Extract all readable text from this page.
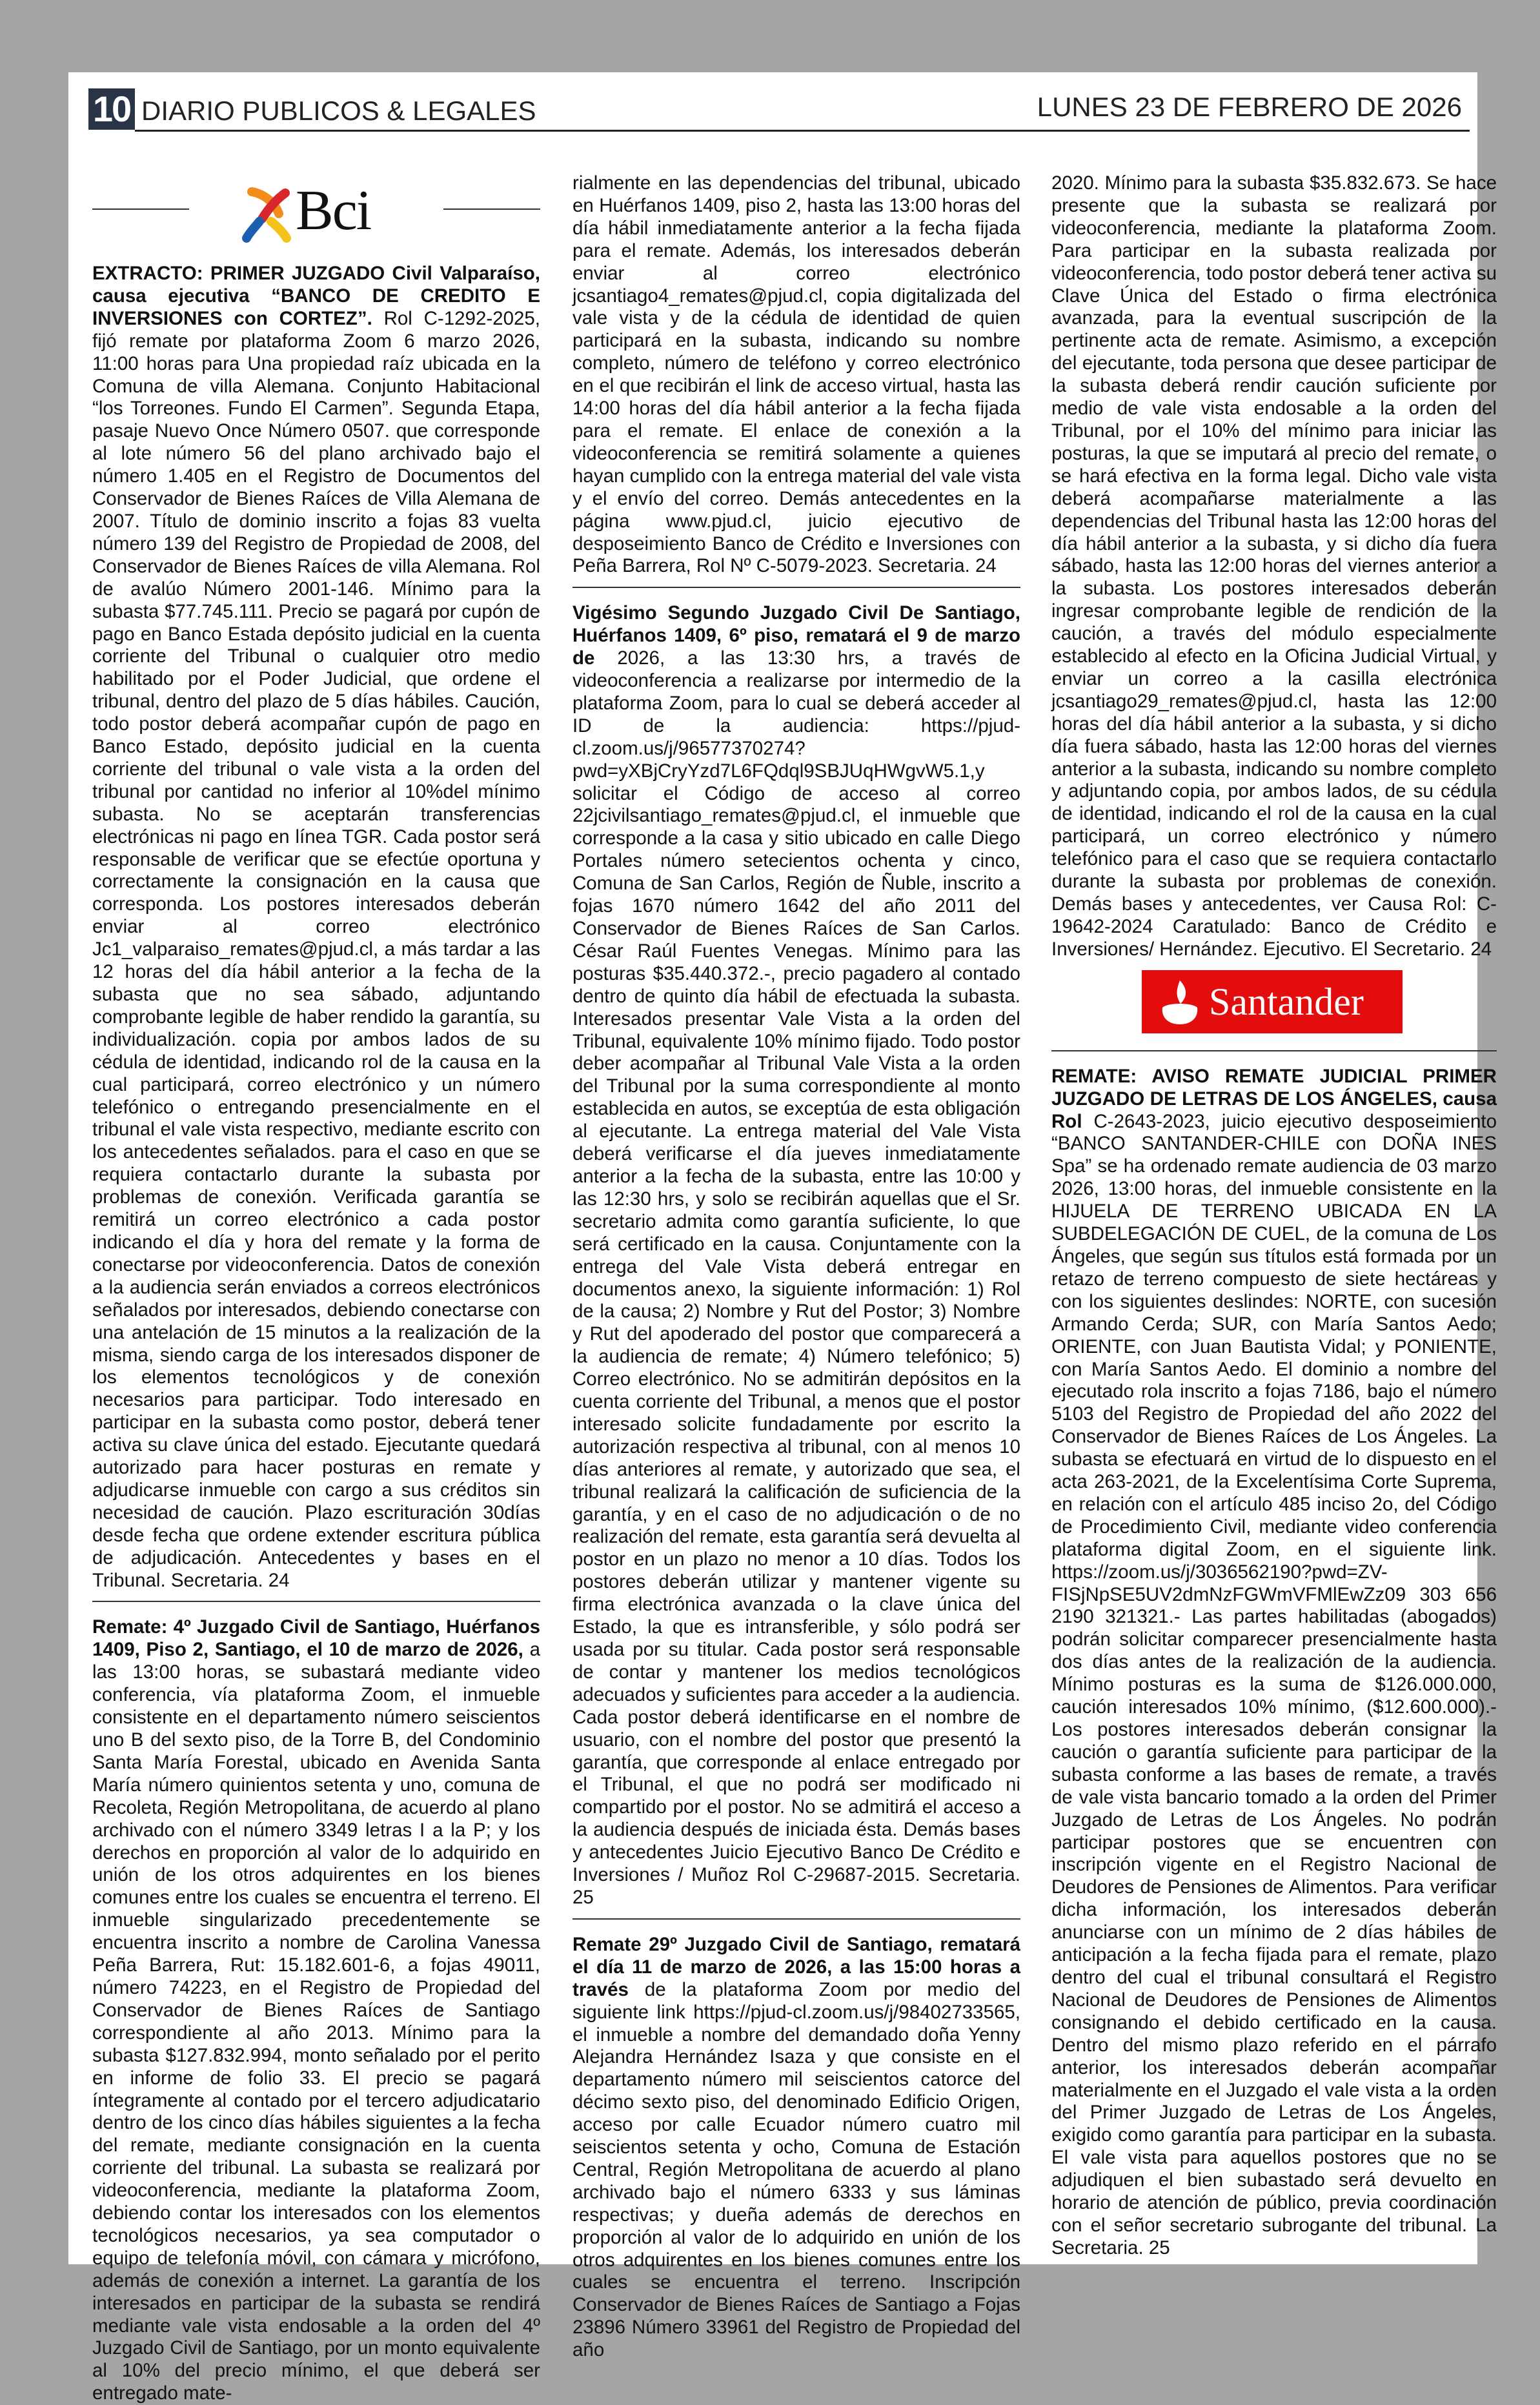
10 DIARIO PUBLICOS & LEGALES	LUNES 23 DE FEBRERO DE 2026
Bci

EXTRACTO: PRIMER JUZGADO Civil Valparaíso, causa ejecutiva “BANCO DE CREDITO E INVERSIONES con CORTEZ”. Rol C-1292-2025, fijó remate por plataforma Zoom 6 marzo 2026, 11:00 horas para Una propiedad raíz ubicada en la Comuna de villa Alemana. Conjunto Habitacional “los Torreones. Fundo El Carmen”. Segunda Etapa, pasaje Nuevo Once Número 0507. que corresponde al lote número 56 del plano archivado bajo el número 1.405 en el Registro de Documentos del Conservador de Bienes Raíces de Villa Alemana de 2007. Título de dominio inscrito a fojas 83 vuelta número 139 del Registro de Propiedad de 2008, del Conservador de Bienes Raíces de villa Alemana. Rol de avalúo Número 2001-146. Mínimo para la subasta $77.745.111. Precio se pagará por cupón de pago en Banco Estada depósito judicial en la cuenta corriente del Tribunal o cualquier otro medio habilitado por el Poder Judicial, que ordene el tribunal, dentro del plazo de 5 días hábiles. Caución, todo postor deberá acompañar cupón de pago en Banco Estado, depósito judicial en la cuenta corriente del tribunal o vale vista a la orden del tribunal por cantidad no inferior al 10%del mínimo subasta. No se aceptarán transferencias electrónicas ni pago en línea TGR. Cada postor será responsable de verificar que se efectúe oportuna y correctamente la consignación en la causa que corresponda. Los postores interesados deberán enviar al correo electrónico Jc1_valparaiso_remates@pjud.cl, a más tardar a las 12 horas del día hábil anterior a la fecha de la subasta que no sea sábado, adjuntando comprobante legible de haber rendido la garantía, su individualización. copia por ambos lados de su cédula de identidad, indicando rol de la causa en la cual participará, correo electrónico y un número telefónico o entregando presencialmente en el tribunal el vale vista respectivo, mediante escrito con los antecedentes señalados. para el caso en que se requiera contactarlo durante la subasta por problemas de conexión. Verificada garantía se remitirá un correo electrónico a cada postor indicando el día y hora del remate y la forma de conectarse por videoconferencia. Datos de conexión a la audiencia serán enviados a correos electrónicos señalados por interesados, debiendo conectarse con una antelación de 15 minutos a la realización de la misma, siendo carga de los interesados disponer de los elementos tecnológicos y de conexión necesarios para participar. Todo interesado en participar en la subasta como postor, deberá tener activa su clave única del estado. Ejecutante quedará autorizado para hacer posturas en remate y adjudicarse inmueble con cargo a sus créditos sin necesidad de caución. Plazo escrituración 30días desde fecha que ordene extender escritura pública de adjudicación. Antecedentes y bases en el Tribunal. Secretaria. 24

Remate: 4º Juzgado Civil de Santiago, Huérfanos 1409, Piso 2, Santiago, el 10 de marzo de 2026, a las 13:00 horas, se subastará mediante video conferencia, vía plataforma Zoom, el inmueble consistente en el departamento número seiscientos uno B del sexto piso, de la Torre B, del Condominio Santa María Forestal, ubicado en Avenida Santa María número quinientos setenta y uno, comuna de Recoleta, Región Metropolitana, de acuerdo al plano archivado con el número 3349 letras I a la P; y los derechos en proporción al valor de lo adquirido en unión de los otros adquirentes en los bienes comunes entre los cuales se encuentra el terreno. El inmueble singularizado precedentemente se encuentra inscrito a nombre de Carolina Vanessa Peña Barrera, Rut: 15.182.601-6, a fojas 49011, número 74223, en el Registro de Propiedad del Conservador de Bienes Raíces de Santiago correspondiente al año 2013. Mínimo para la subasta $127.832.994, monto señalado por el perito en informe de folio 33. El precio se pagará íntegramente al contado por el tercero adjudicatario dentro de los cinco días hábiles siguientes a la fecha del remate, mediante consignación en la cuenta corriente del tribunal. La subasta se realizará por videoconferencia, mediante la plataforma Zoom, debiendo contar los interesados con los elementos tecnológicos necesarios, ya sea computador o equipo de telefonía móvil, con cámara y micrófono, además de conexión a internet. La garantía de los interesados en participar de la subasta se rendirá mediante vale vista endosable a la orden del 4º Juzgado Civil de Santiago, por un monto equivalente al 10% del precio mínimo, el que deberá ser entregado mate-

rialmente en las dependencias del tribunal, ubicado en Huérfanos 1409, piso 2, hasta las 13:00 horas del día hábil inmediatamente anterior a la fecha fijada para el remate. Además, los interesados deberán enviar al correo electrónico jcsantiago4_remates@pjud.cl, copia digitalizada del vale vista y de la cédula de identidad de quien participará en la subasta, indicando su nombre completo, número de teléfono y correo electrónico en el que recibirán el link de acceso virtual, hasta las 14:00 horas del día hábil anterior a la fecha fijada para el remate. El enlace de conexión a la videoconferencia se remitirá solamente a quienes hayan cumplido con la entrega material del vale vista y el envío del correo. Demás antecedentes en la página www.pjud.cl, juicio ejecutivo de desposeimiento Banco de Crédito e Inversiones con Peña Barrera, Rol Nº C-5079-2023. Secretaria. 24

Vigésimo Segundo Juzgado Civil De Santiago, Huérfanos 1409, 6º piso, rematará el 9 de marzo de 2026, a las 13:30 hrs, a través de videoconferencia a realizarse por intermedio de la plataforma Zoom, para lo cual se deberá acceder al ID de la audiencia: https://pjud-cl.zoom.us/j/96577370274?pwd=yXBjCryYzd7L6FQdql9SBJUqHWgvW5.1,y solicitar el Código de acceso al correo 22jcivilsantiago_remates@pjud.cl, el inmueble que corresponde a la casa y sitio ubicado en calle Diego Portales número setecientos ochenta y cinco, Comuna de San Carlos, Región de Ñuble, inscrito a fojas 1670 número 1642 del año 2011 del Conservador de Bienes Raíces de San Carlos. César Raúl Fuentes Venegas. Mínimo para las posturas $35.440.372.-, precio pagadero al contado dentro de quinto día hábil de efectuada la subasta. Interesados presentar Vale Vista a la orden del Tribunal, equivalente 10% mínimo fijado. Todo postor deber acompañar al Tribunal Vale Vista a la orden del Tribunal por la suma correspondiente al monto establecida en autos, se exceptúa de esta obligación al ejecutante. La entrega material del Vale Vista deberá verificarse el día jueves inmediatamente anterior a la fecha de la subasta, entre las 10:00 y las 12:30 hrs, y solo se recibirán aquellas que el Sr. secretario admita como garantía suficiente, lo que será certificado en la causa. Conjuntamente con la entrega del Vale Vista deberá entregar en documentos anexo, la siguiente información: 1) Rol de la causa; 2) Nombre y Rut del Postor; 3) Nombre y Rut del apoderado del postor que comparecerá a la audiencia de remate; 4) Número telefónico; 5) Correo electrónico. No se admitirán depósitos en la cuenta corriente del Tribunal, a menos que el postor interesado solicite fundadamente por escrito la autorización respectiva al tribunal, con al menos 10 días anteriores al remate, y autorizado que sea, el tribunal realizará la calificación de suficiencia de la garantía, y en el caso de no adjudicación o de no realización del remate, esta garantía será devuelta al postor en un plazo no menor a 10 días. Todos los postores deberán utilizar y mantener vigente su firma electrónica avanzada o la clave única del Estado, la que es intransferible, y sólo podrá ser usada por su titular. Cada postor será responsable de contar y mantener los medios tecnológicos adecuados y suficientes para acceder a la audiencia. Cada postor deberá identificarse en el nombre de usuario, con el nombre del postor que presentó la garantía, que corresponde al enlace entregado por el Tribunal, el que no podrá ser modificado ni compartido por el postor. No se admitirá el acceso a la audiencia después de iniciada ésta. Demás bases y antecedentes Juicio Ejecutivo Banco De Crédito e Inversiones / Muñoz Rol C-29687-2015. Secretaria. 25

Remate 29º Juzgado Civil de Santiago, rematará el día 11 de marzo de 2026, a las 15:00 horas a través de la plataforma Zoom por medio del siguiente link https://pjud-cl.zoom.us/j/98402733565, el inmueble a nombre del demandado doña Yenny Alejandra Hernández Isaza y que consiste en el departamento número mil seiscientos catorce del décimo sexto piso, del denominado Edificio Origen, acceso por calle Ecuador número cuatro mil seiscientos setenta y ocho, Comuna de Estación Central, Región Metropolitana de acuerdo al plano archivado bajo el número 6333 y sus láminas respectivas; y dueña además de derechos en proporción al valor de lo adquirido en unión de los otros adquirentes en los bienes comunes entre los cuales se encuentra el terreno. Inscripción Conservador de Bienes Raíces de Santiago a Fojas 23896 Número 33961 del Registro de Propiedad del año

2020. Mínimo para la subasta $35.832.673. Se hace presente que la subasta se realizará por videoconferencia, mediante la plataforma Zoom. Para participar en la subasta realizada por videoconferencia, todo postor deberá tener activa su Clave Única del Estado o firma electrónica avanzada, para la eventual suscripción de la pertinente acta de remate. Asimismo, a excepción del ejecutante, toda persona que desee participar de la subasta deberá rendir caución suficiente por medio de vale vista endosable a la orden del Tribunal, por el 10% del mínimo para iniciar las posturas, la que se imputará al precio del remate, o se hará efectiva en la forma legal. Dicho vale vista deberá acompañarse materialmente a las dependencias del Tribunal hasta las 12:00 horas del día hábil anterior a la subasta, y si dicho día fuera sábado, hasta las 12:00 horas del viernes anterior a la subasta. Los postores interesados deberán ingresar comprobante legible de rendición de la caución, a través del módulo especialmente establecido al efecto en la Oficina Judicial Virtual, y enviar un correo a la casilla electrónica jcsantiago29_remates@pjud.cl, hasta las 12:00 horas del día hábil anterior a la subasta, y si dicho día fuera sábado, hasta las 12:00 horas del viernes anterior a la subasta, indicando su nombre completo y adjuntando copia, por ambos lados, de su cédula de identidad, indicando el rol de la causa en la cual participará, un correo electrónico y número telefónico para el caso que se requiera contactarlo durante la subasta por problemas de conexión. Demás bases y antecedentes, ver Causa Rol: C-19642-2024 Caratulado: Banco de Crédito e Inversiones/ Hernández. Ejecutivo. El Secretario. 24

Santander

REMATE: AVISO REMATE JUDICIAL PRIMER JUZGADO DE LETRAS DE LOS ÁNGELES, causa Rol C-2643-2023, juicio ejecutivo desposeimiento “BANCO SANTANDER-CHILE con DOÑA INES Spa” se ha ordenado remate audiencia de 03 marzo 2026, 13:00 horas, del inmueble consistente en la HIJUELA DE TERRENO UBICADA EN LA SUBDELEGACIÓN DE CUEL, de la comuna de Los Ángeles, que según sus títulos está formada por un retazo de terreno compuesto de siete hectáreas y con los siguientes deslindes: NORTE, con sucesión Armando Cerda; SUR, con María Santos Aedo; ORIENTE, con Juan Bautista Vidal; y PONIENTE, con María Santos Aedo. El dominio a nombre del ejecutado rola inscrito a fojas 7186, bajo el número 5103 del Registro de Propiedad del año 2022 del Conservador de Bienes Raíces de Los Ángeles. La subasta se efectuará en virtud de lo dispuesto en el acta 263-2021, de la Excelentísima Corte Suprema, en relación con el artículo 485 inciso 2o, del Código de Procedimiento Civil, mediante video conferencia plataforma digital Zoom, en el siguiente link. https://zoom.us/j/3036562190?pwd=ZV-FISjNpSE5UV2dmNzFGWmVFMlEwZz09 303 656 2190 321321.- Las partes habilitadas (abogados) podrán solicitar comparecer presencialmente hasta dos días antes de la realización de la audiencia. Mínimo posturas es la suma de $126.000.000, caución interesados 10% mínimo, ($12.600.000).- Los postores interesados deberán consignar la caución o garantía suficiente para participar de la subasta conforme a las bases de remate, a través de vale vista bancario tomado a la orden del Primer Juzgado de Letras de Los Ángeles. No podrán participar postores que se encuentren con inscripción vigente en el Registro Nacional de Deudores de Pensiones de Alimentos. Para verificar dicha información, los interesados deberán anunciarse con un mínimo de 2 días hábiles de anticipación a la fecha fijada para el remate, plazo dentro del cual el tribunal consultará el Registro Nacional de Deudores de Pensiones de Alimentos consignando el debido certificado en la causa. Dentro del mismo plazo referido en el párrafo anterior, los interesados deberán acompañar materialmente en el Juzgado el vale vista a la orden del Primer Juzgado de Letras de Los Ángeles, exigido como garantía para participar en la subasta. El vale vista para aquellos postores que no se adjudiquen el bien subastado será devuelto en horario de atención de público, previa coordinación con el señor secretario subrogante del tribunal. La Secretaria. 25
